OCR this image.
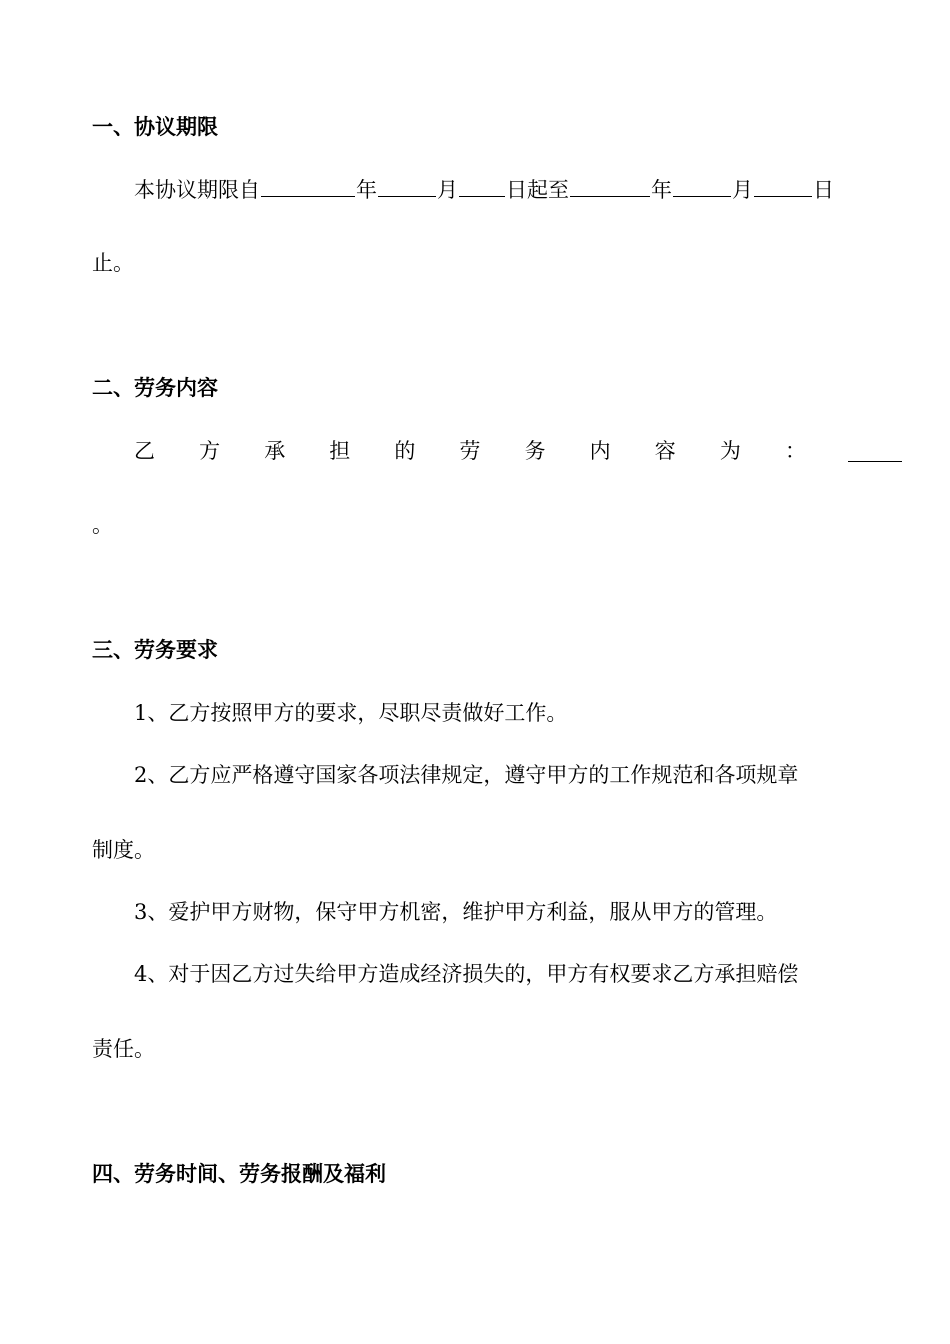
一、协议期限
本协议期限自	年	月 日起至	年	月	日
止。
二、劳务内容
乙 方 承 担 的 劳 务 内 容 为 ：
。
三、劳务要求
1、乙方按照甲方的要求，尽职尽责做好工作。
2、乙方应严格遵守国家各项法律规定，遵守甲方的工作规范和各项规章
制度。
3、爱护甲方财物，保守甲方机密，维护甲方利益，服从甲方的管理。
4、对于因乙方过失给甲方造成经济损失的，甲方有权要求乙方承担赔偿
责任。
四、劳务时间、劳务报酬及福利
